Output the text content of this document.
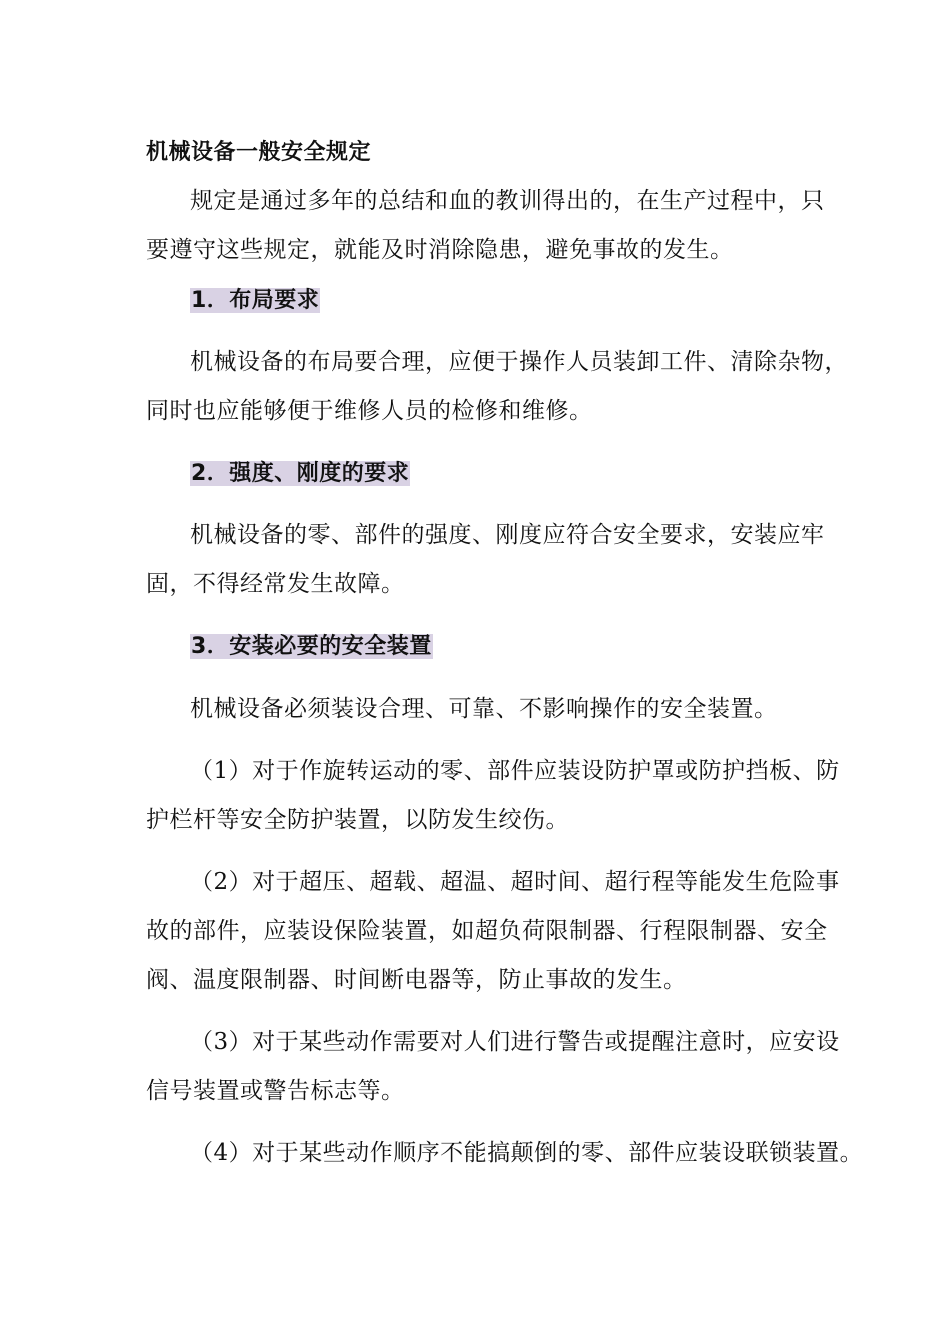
机械设备一般安全规定
规定是通过多年的总结和血的教训得出的，在生产过程中，只
要遵守这些规定，就能及时消除隐患，避免事故的发生。
1．布局要求
机械设备的布局要合理，应便于操作人员装卸工件、清除杂物，
同时也应能够便于维修人员的检修和维修。
2．强度、刚度的要求
机械设备的零、部件的强度、刚度应符合安全要求，安装应牢
固，不得经常发生故障。
3．安装必要的安全装置
机械设备必须装设合理、可靠、不影响操作的安全装置。
（1）对于作旋转运动的零、部件应装设防护罩或防护挡板、防
护栏杆等安全防护装置，以防发生绞伤。
（2）对于超压、超载、超温、超时间、超行程等能发生危险事
故的部件，应装设保险装置，如超负荷限制器、行程限制器、安全
阀、温度限制器、时间断电器等，防止事故的发生。
（3）对于某些动作需要对人们进行警告或提醒注意时，应安设
信号装置或警告标志等。
（4）对于某些动作顺序不能搞颠倒的零、部件应装设联锁装置。
